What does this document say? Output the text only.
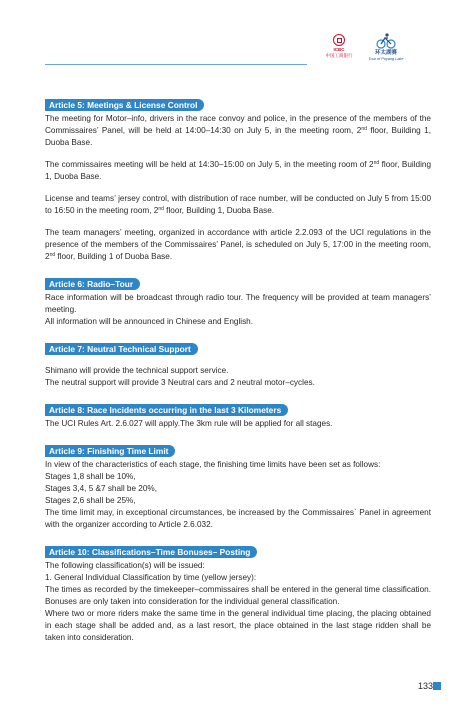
ICBC
中国工商银行	环太湖赛
Tour of Poyang Lake
Article 5: Meetings & License Control

The meeting for Motor–info, drivers in the race convoy and police, in the presence of the members of the Commissaires’ Panel, will be held at 14:00–14:30 on July 5, in the meeting room, 2nd floor, Building 1, Duoba Base.

The commissaires meeting will be held at 14:30–15:00 on July 5, in the meeting room of 2nd floor, Building 1, Duoba Base.

License and teams’ jersey control, with distribution of race number, will be conducted on July 5 from 15:00 to 16:50 in the meeting room, 2nd floor, Building 1, Duoba Base.

The team managers’ meeting, organized in accordance with article 2.2.093 of the UCI regulations in the presence of the members of the Commissaires’ Panel, is scheduled on July 5, 17:00 in the meeting room, 2nd floor, Building 1 of Duoba Base.

Article 6: Radio–Tour

Race information will be broadcast through radio tour. The frequency will be provided at team managers’ meeting.

All information will be announced in Chinese and English.

Article 7: Neutral Technical Support

Shimano will provide the technical support service.

The neutral support will provide 3 Neutral cars and 2 neutral motor–cycles.

Article 8: Race Incidents occurring in the last 3 Kilometers

The UCI Rules Art. 2.6.027 will apply.The 3km rule will be applied for all stages.

Article 9: Finishing Time Limit

In view of the characteristics of each stage, the finishing time limits have been set as follows:

Stages 1,8 shall be 10%,

Stages 3,4, 5 &7 shall be 20%,

Stages 2,6 shall be 25%,

The time limit may, in exceptional circumstances, be increased by the Commissaires` Panel in agreement with the organizer according to Article 2.6.032.

Article 10: Classifications–Time Bonuses– Posting

The following classification(s) will be issued:

1. General Individual Classification by time (yellow jersey):

The times as recorded by the timekeeper–commissaires shall be entered in the general time classification. Bonuses are only taken into consideration for the individual general classification.

Where two or more riders make the same time in the general individual time placing, the placing obtained in each stage shall be added and, as a last resort, the place obtained in the last stage ridden shall be taken into consideration.

133
